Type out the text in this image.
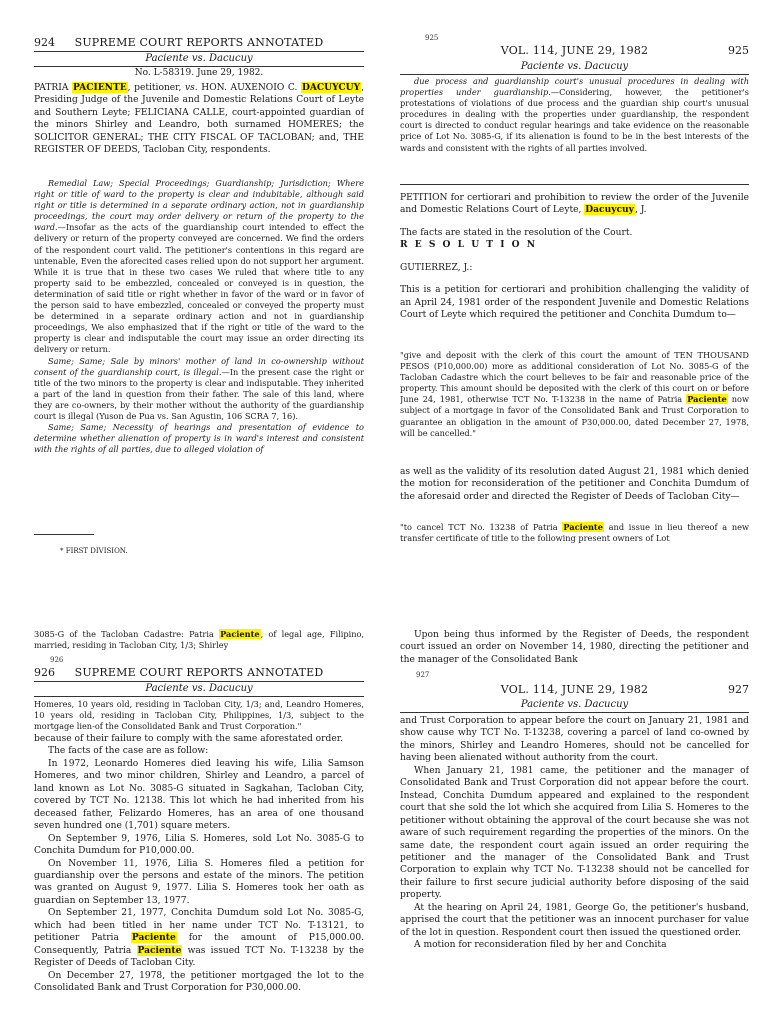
924	SUPREME COURT REPORTS ANNOTATED
Paciente vs. Dacucuy
No. L-58319. June 29, 1982.

PATRIA PACIENTE, petitioner, vs. HON. AUXENOIO C. DACUYCUY, Presiding Judge of the Juvenile and Domestic Relations Court of Leyte and Southern Leyte; FELICIANA CALLE, court-appointed guardian of the minors Shirley and Leandro, both surnamed HOMERES; the SOLICITOR GENERAL; THE CITY FISCAL OF TACLOBAN; and, THE REGISTER OF DEEDS, Tacloban City, respondents.

Remedial Law; Special Proceedings; Guardianship; Jurisdiction; Where right or title of ward to the property is clear and indubitable, although said right or title is determined in a separate ordinary action, not in guardianship proceedings, the court may order delivery or return of the property to the ward.—Insofar as the acts of the guardianship court intended to effect the delivery or return of the property conveyed are concerned. We find the orders of the respondent court valid. The petitioner's contentions in this regard are untenable, Even the aforecited cases relied upon do not support her argument. While it is true that in these two cases We ruled that where title to any property said to be embezzled, concealed or conveyed is in question, the determination of said title or right whether in favor of the ward or in favor of the person said to have embezzled, concealed or conveyed the property must be determined in a separate ordinary action and not in guardianship proceedings, We also emphasized that if the right or title of the ward to the property is clear and indisputable the court may issue an order directing its delivery or return.

Same; Same; Sale by minors' mother of land in co-ownership without consent of the guardianship court, is illegal.—In the present case the right or title of the two minors to the property is clear and indisputable. They inherited a part of the land in question from their father. The sale of this land, where they are co-owners, by their mother without the authority of the guardianship court is illegal (Yuson de Pua vs. San Agustin, 106 SCRA 7, 16).

Same; Same; Necessity of hearings and presentation of evidence to determine whether alienation of property is in ward's interest and consistent with the rights of all parties, due to alleged violation of

* FIRST DIVISION.
925
VOL. 114, JUNE 29, 1982	925
Paciente vs. Dacucuy

due process and guardianship court's unusual procedures in dealing with properties under guardianship.—Considering, however, the petitioner's protestations of violations of due process and the guardian ship court's unusual procedures in dealing with the properties under guardianship, the respondent court is directed to conduct regular hearings and take evidence on the reasonable price of Lot No. 3085-G, if its alienation is found to be in the best interests of the wards and consistent with the rights of all parties involved.

PETITION for certiorari and prohibition to review the order of the Juvenile and Domestic Relations Court of Leyte, Dacuycuy, J.

The facts are stated in the resolution of the Court.

R E S O L U T I O N

GUTIERREZ, J.:

This is a petition for certiorari and prohibition challenging the validity of an April 24, 1981 order of the respondent Juvenile and Domestic Relations Court of Leyte which required the petitioner and Conchita Dumdum to—

"give and deposit with the clerk of this court the amount of TEN THOUSAND PESOS (P10,000.00) more as additional consideration of Lot No. 3085-G of the Tacloban Cadastre which the court believes to be fair and reasonable price of the property. This amount should be deposited with the clerk of this court on or before June 24, 1981, otherwise TCT No. T-13238 in the name of Patria Paciente now subject of a mortgage in favor of the Consolidated Bank and Trust Corporation to guarantee an obligation in the amount of P30,000.00, dated December 27, 1978, will be cancelled."

as well as the validity of its resolution dated August 21, 1981 which denied the motion for reconsideration of the petitioner and Conchita Dumdum of the aforesaid order and directed the Register of Deeds of Tacloban City—

"to cancel TCT No. 13238 of Patria Paciente and issue in lieu thereof a new transfer certificate of title to the following present owners of Lot

3085-G of the Tacloban Cadastre: Patria Paciente, of legal age, Filipino, married, residing in Tacloban City, 1/3; Shirley

926
926	SUPREME COURT REPORTS ANNOTATED
Paciente vs. Dacucuy

Homeres, 10 years old, residing in Tacloban City, 1/3; and, Leandro Homeres, 10 years old, residing in Tacloban City, Philippines, 1/3, subject to the mortgage lien-of the Consolidated Bank and Trust Corporation."

because of their failure to comply with the same aforestated order.

The facts of the case are as follow:

In 1972, Leonardo Homeres died leaving his wife, Lilia Samson Homeres, and two minor children, Shirley and Leandro, a parcel of land known as Lot No. 3085-G situated in Sagkahan, Tacloban City, covered by TCT No. 12138. This lot which he had inherited from his deceased father, Felizardo Homeres, has an area of one thousand seven hundred one (1,701) square meters.

On September 9, 1976, Lilia S. Homeres, sold Lot No. 3085-G to Conchita Dumdum for P10,000.00.

On November 11, 1976, Lilia S. Homeres filed a petition for guardianship over the persons and estate of the minors. The petition was granted on August 9, 1977. Lilia S. Homeres took her oath as guardian on September 13, 1977.

On September 21, 1977, Conchita Dumdum sold Lot No. 3085-G, which had been titled in her name under TCT No. T-13121, to petitioner Patria Paciente for the amount of P15,000.00. Consequently, Patria Paciente was issued TCT No. T-13238 by the Register of Deeds of Tacloban City.

On December 27, 1978, the petitioner mortgaged the lot to the Consolidated Bank and Trust Corporation for P30,000.00.

Upon being thus informed by the Register of Deeds, the respondent court issued an order on November 14, 1980, directing the petitioner and the manager of the Consolidated Bank

927
VOL. 114, JUNE 29, 1982	927
Paciente vs. Dacucuy

and Trust Corporation to appear before the court on January 21, 1981 and show cause why TCT No. T-13238, covering a parcel of land co-owned by the minors, Shirley and Leandro Homeres, should not be cancelled for having been alienated without authority from the court.

When January 21, 1981 came, the petitioner and the manager of Consolidated Bank and Trust Corporation did not appear before the court. Instead, Conchita Dumdum appeared and explained to the respondent court that she sold the lot which she acquired from Lilia S. Homeres to the petitioner without obtaining the approval of the court because she was not aware of such requirement regarding the properties of the minors. On the same date, the respondent court again issued an order requiring the petitioner and the manager of the Consolidated Bank and Trust Corporation to explain why TCT No. T-13238 should not be cancelled for their failure to first secure judicial authority before disposing of the said property.

At the hearing on April 24, 1981, George Go, the petitioner's husband, apprised the court that the petitioner was an innocent purchaser for value of the lot in question. Respondent court then issued the questioned order.

A motion for reconsideration filed by her and Conchita
